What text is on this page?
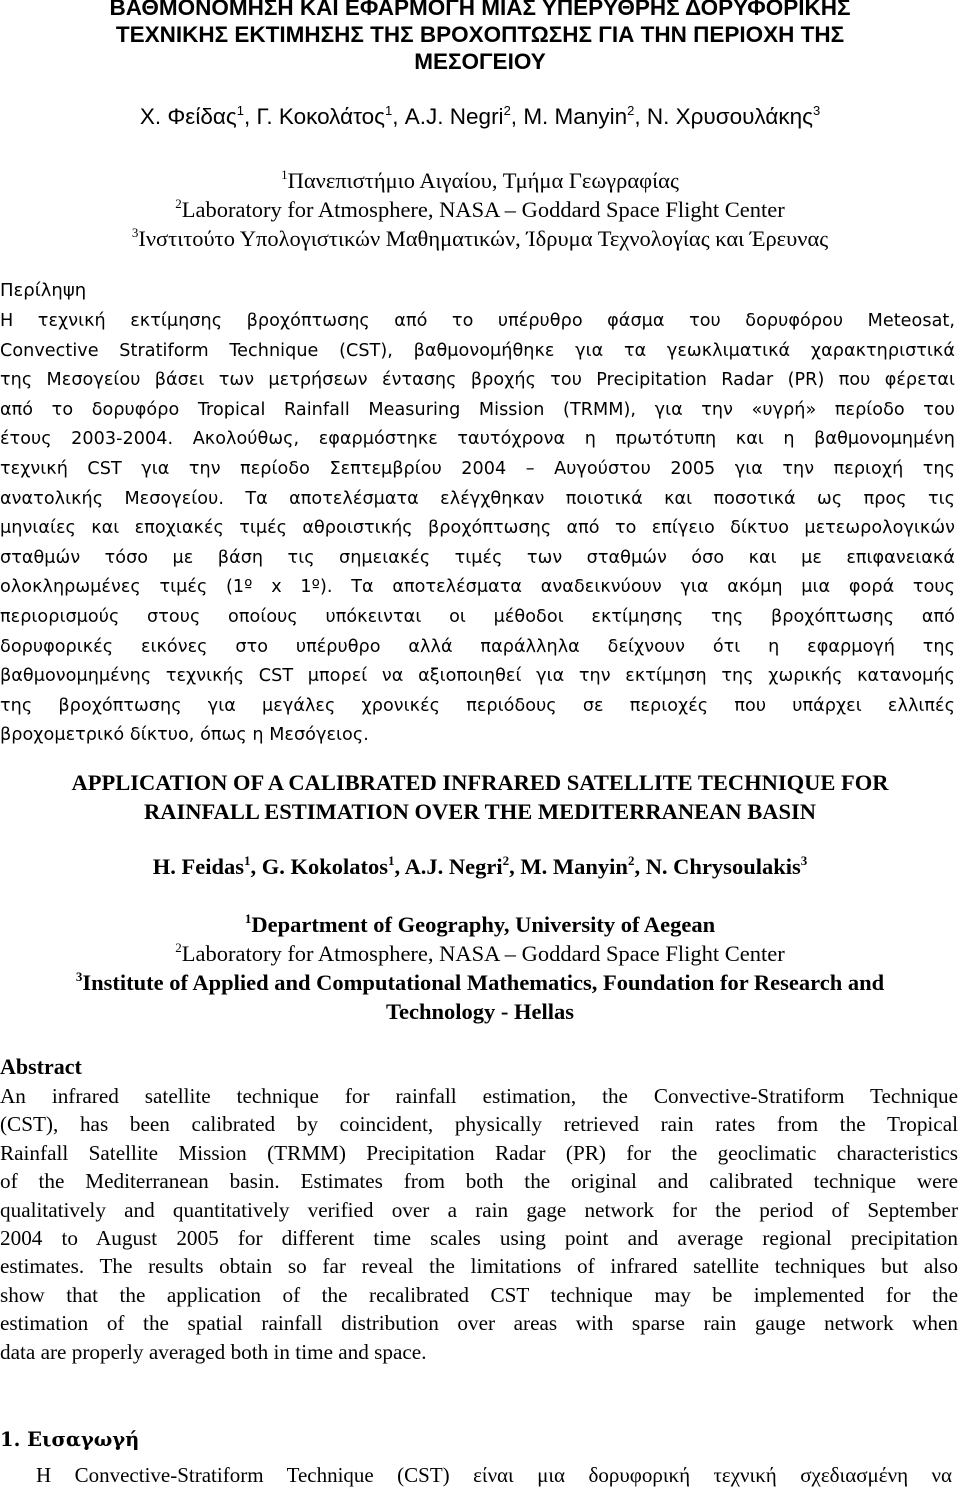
ΒΑΘΜΟΝΟΜΗΣΗ ΚΑΙ ΕΦΑΡΜΟΓΗ ΜΙΑΣ ΥΠΕΡΥΘΡΗΣ ΔΟΡΥΦΟΡΙΚΗΣ
ΤΕΧΝΙΚΗΣ ΕΚΤΙΜΗΣΗΣ ΤΗΣ ΒΡΟΧΟΠΤΩΣΗΣ ΓΙΑ ΤΗΝ ΠΕΡΙΟΧΗ ΤΗΣ
ΜΕΣΟΓΕΙΟΥ
Χ. Φείδας$^1$, Γ. Κοκολάτος$^1$, A.J. Negri$^2$, M. Manyin$^2$, Ν. Χρυσουλάκης$^3$
$^1$Πανεπιστήμιο Αιγαίου, Τμήμα Γεωγραφίας
$^2$Laboratory for Atmosphere, NASA – Goddard Space Flight Center
$^3$Ινστιτούτο Υπολογιστικών Μαθηματικών, Ίδρυμα Τεχνολογίας και Έρευνας
Περίληψη
Η τεχνική εκτίμησης βροχόπτωσης από το υπέρυθρο φάσμα του δορυφόρου Meteosat,
Convective Stratiform Technique (CST), βαθμονομήθηκε για τα γεωκλιματικά χαρακτηριστικά
της Μεσογείου βάσει των μετρήσεων έντασης βροχής του Precipitation Radar (PR) που φέρεται
από το δορυφόρο Tropical Rainfall Measuring Mission (TRMM), για την «υγρή» περίοδο του
έτους 2003-2004. Ακολούθως, εφαρμόστηκε ταυτόχρονα η πρωτότυπη και η βαθμονομημένη
τεχνική CST για την περίοδο Σεπτεμβρίου 2004 – Αυγούστου 2005 για την περιοχή της
ανατολικής Μεσογείου. Τα αποτελέσματα ελέγχθηκαν ποιοτικά και ποσοτικά ως προς τις
μηνιαίες και εποχιακές τιμές αθροιστικής βροχόπτωσης από το επίγειο δίκτυο μετεωρολογικών
σταθμών τόσο με βάση τις σημειακές τιμές των σταθμών όσο και με επιφανειακά
ολοκληρωμένες τιμές (1º x 1º). Τα αποτελέσματα αναδεικνύουν για ακόμη μια φορά τους
περιορισμούς στους οποίους υπόκεινται οι μέθοδοι εκτίμησης της βροχόπτωσης από
δορυφορικές εικόνες στο υπέρυθρο αλλά παράλληλα δείχνουν ότι η εφαρμογή της
βαθμονομημένης τεχνικής CST μπορεί να αξιοποιηθεί για την εκτίμηση της χωρικής κατανομής
της βροχόπτωσης για μεγάλες χρονικές περιόδους σε περιοχές που υπάρχει ελλιπές
βροχομετρικό δίκτυο, όπως η Μεσόγειος.
APPLICATION OF A CALIBRATED INFRARED SATELLITE TECHNIQUE FOR
RAINFALL ESTIMATION OVER THE MEDITERRANEAN BASIN
H. Feidas$^1$, G. Kokolatos$^1$, A.J. Negri$^2$, M. Manyin$^2$, N. Chrysoulakis$^3$
$^1$Department of Geography, University of Aegean
$^2$Laboratory for Atmosphere, NASA – Goddard Space Flight Center
$^3$Institute of Applied and Computational Mathematics, Foundation for Research and
Technology - Hellas
Abstract
An infrared satellite technique for rainfall estimation, the Convective-Stratiform Technique
(CST), has been calibrated by coincident, physically retrieved rain rates from the Tropical
Rainfall Satellite Mission (TRMM) Precipitation Radar (PR) for the geoclimatic characteristics
of the Mediterranean basin. Estimates from both the original and calibrated technique were
qualitatively and quantitatively verified over a rain gage network for the period of September
2004 to August 2005 for different time scales using point and average regional precipitation
estimates. The results obtain so far reveal the limitations of infrared satellite techniques but also
show that the application of the recalibrated CST technique may be implemented for the
estimation of the spatial rainfall distribution over areas with sparse rain gauge network when
data are properly averaged both in time and space.
1. Εισαγωγή
Η Convective-Stratiform Technique (CST) είναι μια δορυφορική τεχνική σχεδιασμένη να
